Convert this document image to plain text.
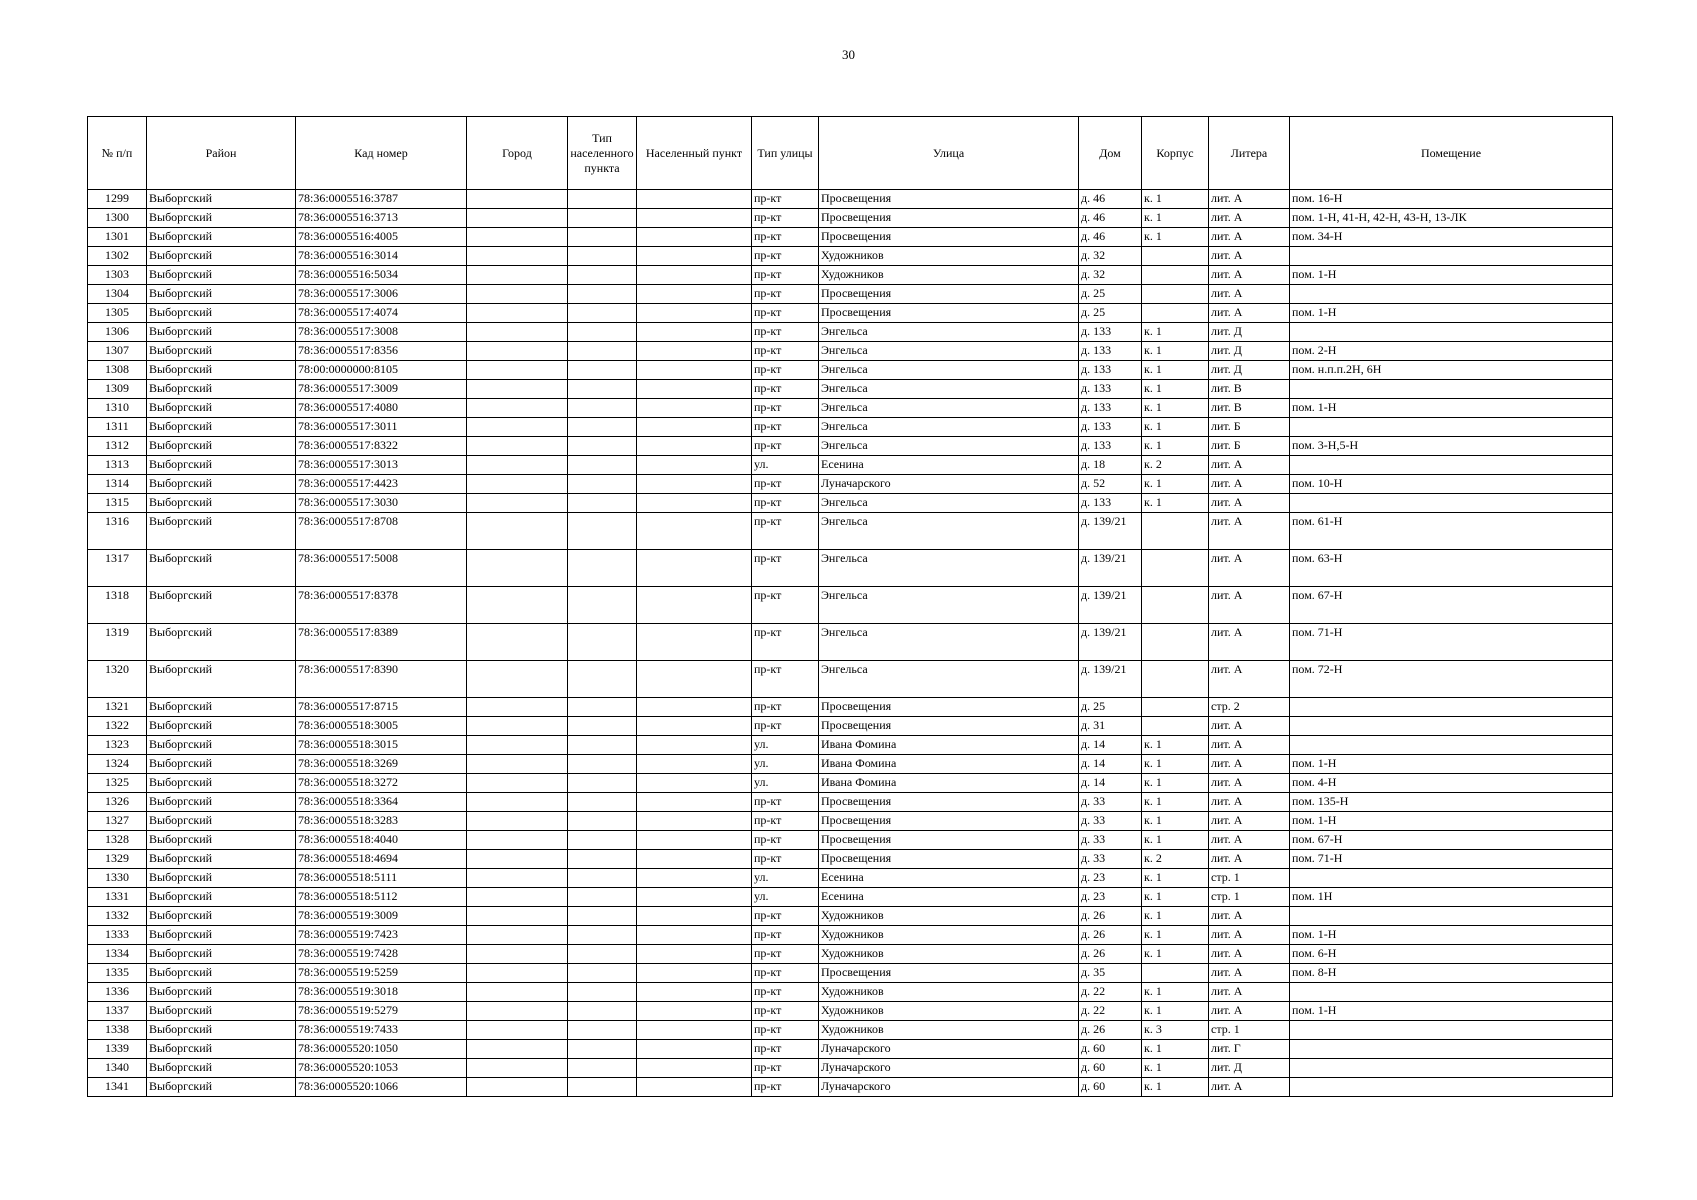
30
№ п/п	Район	Кад номер	Город	Тип населенного пункта	Населенный пункт	Тип улицы	Улица	Дом	Корпус	Литера	Помещение
1299	Выборгский	78:36:0005516:3787				пр-кт	Просвещения	д. 46	к. 1	лит. А	пом. 16-Н
1300	Выборгский	78:36:0005516:3713				пр-кт	Просвещения	д. 46	к. 1	лит. А	пом. 1-Н, 41-Н, 42-Н, 43-Н, 13-ЛК
1301	Выборгский	78:36:0005516:4005				пр-кт	Просвещения	д. 46	к. 1	лит. А	пом. 34-Н
1302	Выборгский	78:36:0005516:3014				пр-кт	Художников	д. 32		лит. А	
1303	Выборгский	78:36:0005516:5034				пр-кт	Художников	д. 32		лит. А	пом. 1-Н
1304	Выборгский	78:36:0005517:3006				пр-кт	Просвещения	д. 25		лит. А	
1305	Выборгский	78:36:0005517:4074				пр-кт	Просвещения	д. 25		лит. А	пом. 1-Н
1306	Выборгский	78:36:0005517:3008				пр-кт	Энгельса	д. 133	к. 1	лит. Д	
1307	Выборгский	78:36:0005517:8356				пр-кт	Энгельса	д. 133	к. 1	лит. Д	пом. 2-Н
1308	Выборгский	78:00:0000000:8105				пр-кт	Энгельса	д. 133	к. 1	лит. Д	пом. н.п.п.2Н, 6Н
1309	Выборгский	78:36:0005517:3009				пр-кт	Энгельса	д. 133	к. 1	лит. В	
1310	Выборгский	78:36:0005517:4080				пр-кт	Энгельса	д. 133	к. 1	лит. В	пом. 1-Н
1311	Выборгский	78:36:0005517:3011				пр-кт	Энгельса	д. 133	к. 1	лит. Б	
1312	Выборгский	78:36:0005517:8322				пр-кт	Энгельса	д. 133	к. 1	лит. Б	пом. 3-Н,5-Н
1313	Выборгский	78:36:0005517:3013				ул.	Есенина	д. 18	к. 2	лит. А	
1314	Выборгский	78:36:0005517:4423				пр-кт	Луначарского	д. 52	к. 1	лит. А	пом. 10-Н
1315	Выборгский	78:36:0005517:3030				пр-кт	Энгельса	д. 133	к. 1	лит. А	
1316	Выборгский	78:36:0005517:8708				пр-кт	Энгельса	д. 139/21		лит. А	пом. 61-Н
1317	Выборгский	78:36:0005517:5008				пр-кт	Энгельса	д. 139/21		лит. А	пом. 63-Н
1318	Выборгский	78:36:0005517:8378				пр-кт	Энгельса	д. 139/21		лит. А	пом. 67-Н
1319	Выборгский	78:36:0005517:8389				пр-кт	Энгельса	д. 139/21		лит. А	пом. 71-Н
1320	Выборгский	78:36:0005517:8390				пр-кт	Энгельса	д. 139/21		лит. А	пом. 72-Н
1321	Выборгский	78:36:0005517:8715				пр-кт	Просвещения	д. 25		стр. 2	
1322	Выборгский	78:36:0005518:3005				пр-кт	Просвещения	д. 31		лит. А	
1323	Выборгский	78:36:0005518:3015				ул.	Ивана Фомина	д. 14	к. 1	лит. А	
1324	Выборгский	78:36:0005518:3269				ул.	Ивана Фомина	д. 14	к. 1	лит. А	пом. 1-Н
1325	Выборгский	78:36:0005518:3272				ул.	Ивана Фомина	д. 14	к. 1	лит. А	пом. 4-Н
1326	Выборгский	78:36:0005518:3364				пр-кт	Просвещения	д. 33	к. 1	лит. А	пом. 135-Н
1327	Выборгский	78:36:0005518:3283				пр-кт	Просвещения	д. 33	к. 1	лит. А	пом. 1-Н
1328	Выборгский	78:36:0005518:4040				пр-кт	Просвещения	д. 33	к. 1	лит. А	пом. 67-Н
1329	Выборгский	78:36:0005518:4694				пр-кт	Просвещения	д. 33	к. 2	лит. А	пом. 71-Н
1330	Выборгский	78:36:0005518:5111				ул.	Есенина	д. 23	к. 1	стр. 1	
1331	Выборгский	78:36:0005518:5112				ул.	Есенина	д. 23	к. 1	стр. 1	пом. 1Н
1332	Выборгский	78:36:0005519:3009				пр-кт	Художников	д. 26	к. 1	лит. А	
1333	Выборгский	78:36:0005519:7423				пр-кт	Художников	д. 26	к. 1	лит. А	пом. 1-Н
1334	Выборгский	78:36:0005519:7428				пр-кт	Художников	д. 26	к. 1	лит. А	пом. 6-Н
1335	Выборгский	78:36:0005519:5259				пр-кт	Просвещения	д. 35		лит. А	пом. 8-Н
1336	Выборгский	78:36:0005519:3018				пр-кт	Художников	д. 22	к. 1	лит. А	
1337	Выборгский	78:36:0005519:5279				пр-кт	Художников	д. 22	к. 1	лит. А	пом. 1-Н
1338	Выборгский	78:36:0005519:7433				пр-кт	Художников	д. 26	к. 3	стр. 1	
1339	Выборгский	78:36:0005520:1050				пр-кт	Луначарского	д. 60	к. 1	лит. Г	
1340	Выборгский	78:36:0005520:1053				пр-кт	Луначарского	д. 60	к. 1	лит. Д	
1341	Выборгский	78:36:0005520:1066				пр-кт	Луначарского	д. 60	к. 1	лит. А	
